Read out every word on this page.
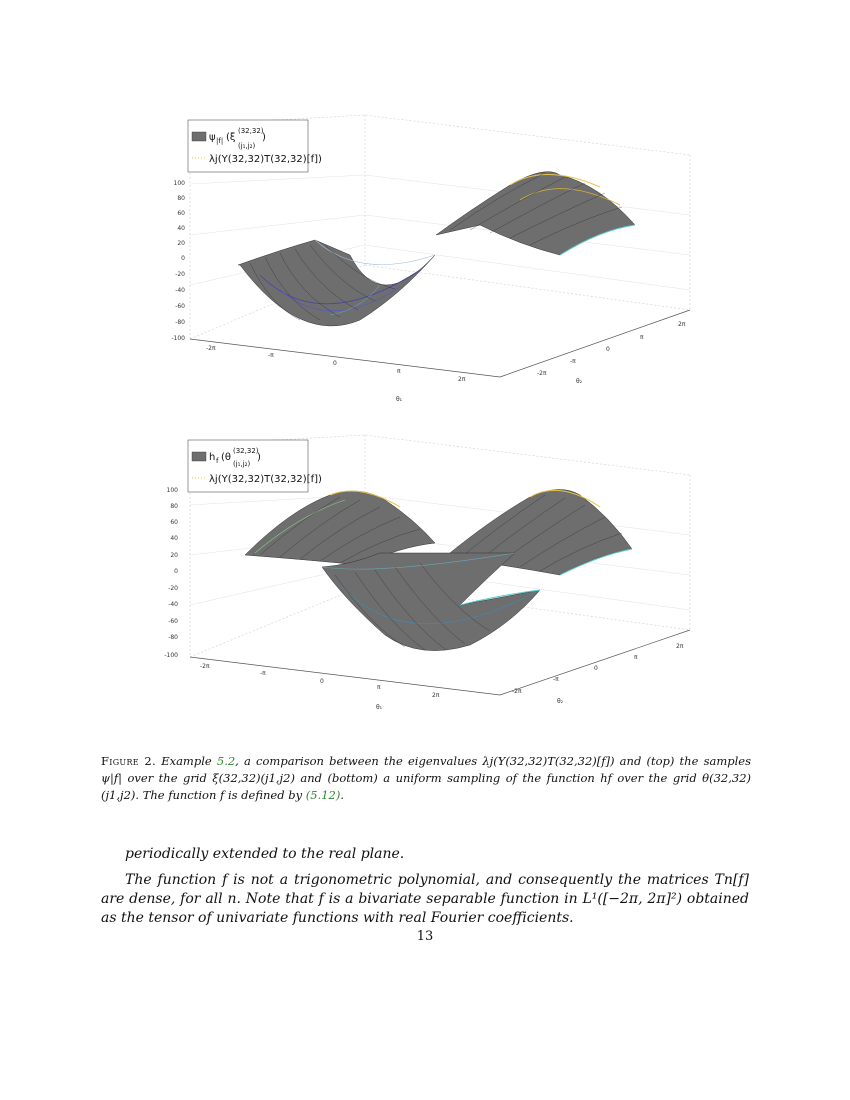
100
80
60
40
20
0
-20
-40
-60
-80
-100
-2π
-π
0
π
2π
θ₁
-2π
-π
0
π
2π
θ₂
ψ |f| (ξ
(32,32)
(j₁,j₂)
)
λj(Y(32,32)T(32,32)[f])
100
80
60
40
20
0
-20
-40
-60
-80
-100
-2π
-π
0
π
2π
θ₁
-2π
-π
0
π
2π
θ₂
h f (θ
(32,32)
(j₁,j₂)
)
λj(Y(32,32)T(32,32)[f])
Figure 2. Example 5.2, a comparison between the eigenvalues λj(Y(32,32)T(32,32)[f]) and (top) the samples ψ|f| over the grid ξ(32,32)(j1,j2) and (bottom) a uniform sampling of the function hf over the grid θ(32,32)(j1,j2). The function f is defined by (5.12).
periodically extended to the real plane.
The function f is not a trigonometric polynomial, and consequently the matrices Tn[f] are dense, for all n. Note that f is a bivariate separable function in L¹([−2π, 2π]²) obtained as the tensor of univariate functions with real Fourier coefficients.
13
